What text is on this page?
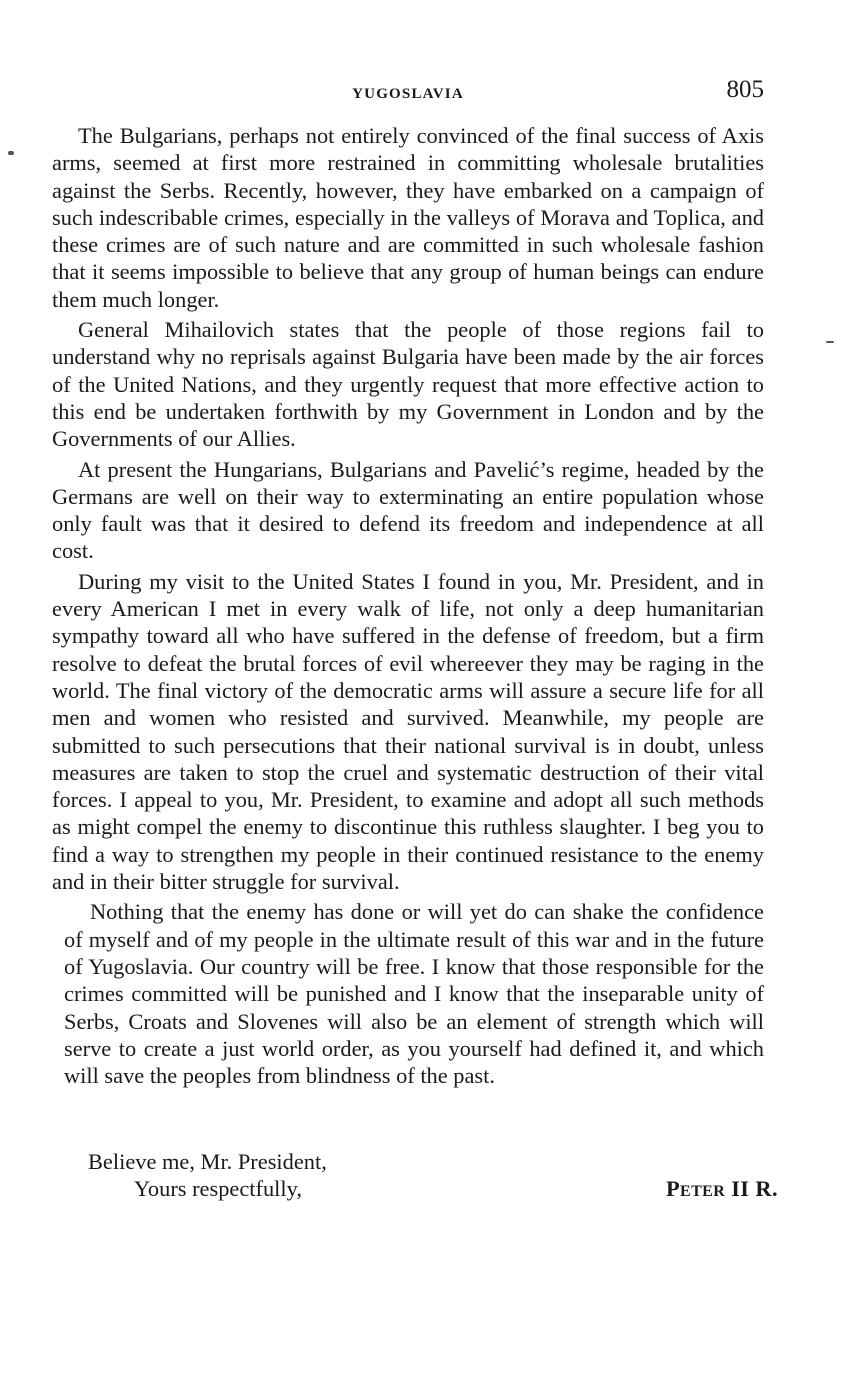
YUGOSLAVIA	805

The Bulgarians, perhaps not entirely convinced of the final success of Axis arms, seemed at first more restrained in committing wholesale brutalities against the Serbs. Recently, however, they have embarked on a campaign of such indescribable crimes, especially in the valleys of Morava and Toplica, and these crimes are of such nature and are committed in such wholesale fashion that it seems impossible to believe that any group of human beings can endure them much longer.

General Mihailovich states that the people of those regions fail to understand why no reprisals against Bulgaria have been made by the air forces of the United Nations, and they urgently request that more effective action to this end be undertaken forthwith by my Government in London and by the Governments of our Allies.

At present the Hungarians, Bulgarians and Pavelić’s regime, headed by the Germans are well on their way to exterminating an entire population whose only fault was that it desired to defend its freedom and independence at all cost.

During my visit to the United States I found in you, Mr. President, and in every American I met in every walk of life, not only a deep humanitarian sympathy toward all who have suffered in the defense of freedom, but a firm resolve to defeat the brutal forces of evil whereever they may be raging in the world. The final victory of the democratic arms will assure a secure life for all men and women who resisted and survived. Meanwhile, my people are submitted to such persecutions that their national survival is in doubt, unless measures are taken to stop the cruel and systematic destruction of their vital forces. I appeal to you, Mr. President, to examine and adopt all such methods as might compel the enemy to discontinue this ruthless slaughter. I beg you to find a way to strengthen my people in their continued resistance to the enemy and in their bitter struggle for survival.

Nothing that the enemy has done or will yet do can shake the confidence of myself and of my people in the ultimate result of this war and in the future of Yugoslavia. Our country will be free. I know that those responsible for the crimes committed will be punished and I know that the inseparable unity of Serbs, Croats and Slovenes will also be an element of strength which will serve to create a just world order, as you yourself had defined it, and which will save the peoples from blindness of the past.

Believe me, Mr. President,
Yours respectfully,	Peter II R.
